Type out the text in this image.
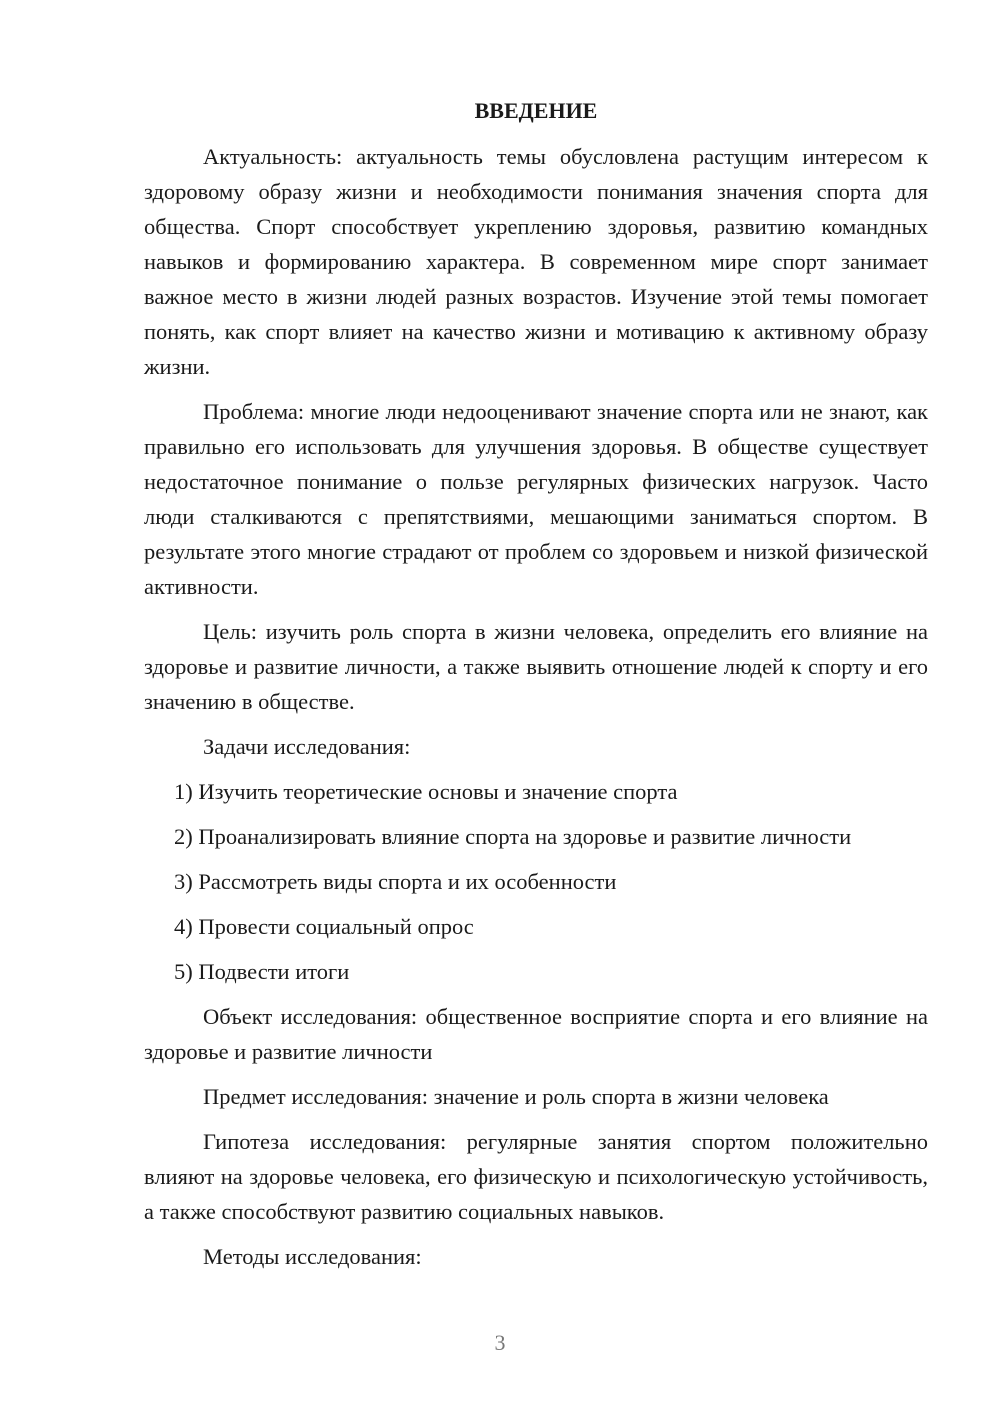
ВВЕДЕНИЕ

Актуальность: актуальность темы обусловлена растущим интересом к здоровому образу жизни и необходимости понимания значения спорта для общества. Спорт способствует укреплению здоровья, развитию командных навыков и формированию характера. В современном мире спорт занимает важное место в жизни людей разных возрастов. Изучение этой темы помогает понять, как спорт влияет на качество жизни и мотивацию к активному образу жизни.

Проблема: многие люди недооценивают значение спорта или не знают, как правильно его использовать для улучшения здоровья. В обществе существует недостаточное понимание о пользе регулярных физических нагрузок. Часто люди сталкиваются с препятствиями, мешающими заниматься спортом. В результате этого многие страдают от проблем со здоровьем и низкой физической активности.

Цель: изучить роль спорта в жизни человека, определить его влияние на здоровье и развитие личности, а также выявить отношение людей к спорту и его значению в обществе.

Задачи исследования:

1) Изучить теоретические основы и значение спорта

2) Проанализировать влияние спорта на здоровье и развитие личности

3) Рассмотреть виды спорта и их особенности

4) Провести социальный опрос

5) Подвести итоги

Объект исследования: общественное восприятие спорта и его влияние на здоровье и развитие личности

Предмет исследования: значение и роль спорта в жизни человека

Гипотеза исследования: регулярные занятия спортом положительно влияют на здоровье человека, его физическую и психологическую устойчивость, а также способствуют развитию социальных навыков.

Методы исследования:

3
